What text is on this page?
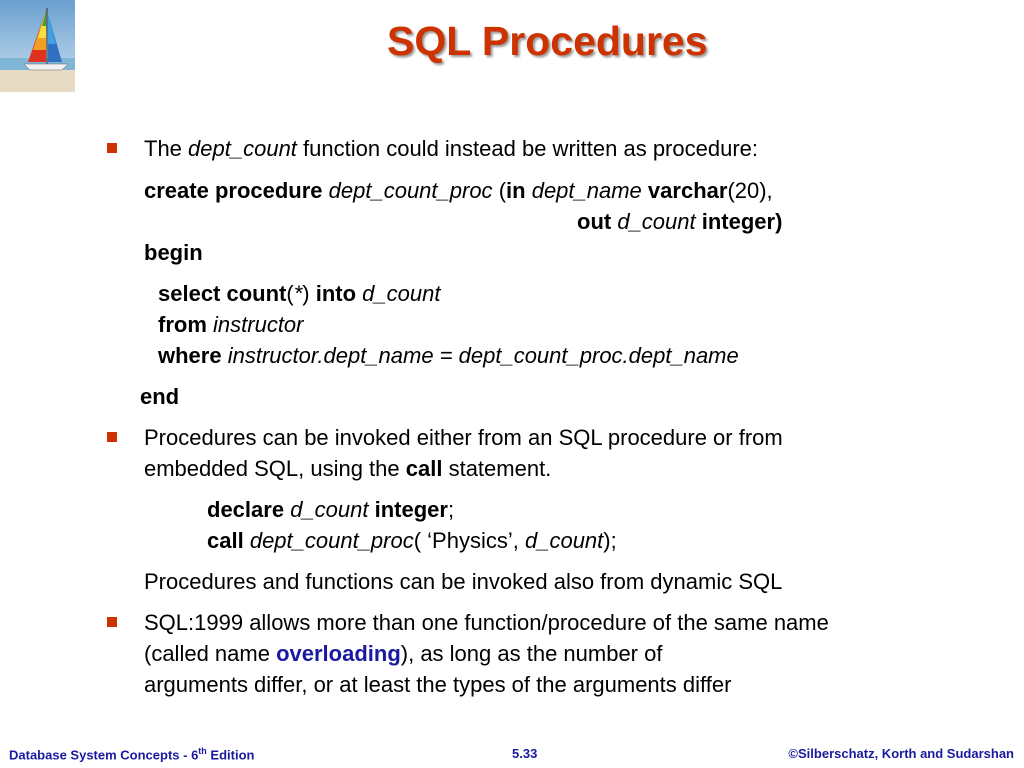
SQL Procedures
The dept_count function could instead be written as procedure:
create procedure dept_count_proc (in dept_name varchar(20),
out d_count integer)
begin
select count(*) into d_count
from instructor
where instructor.dept_name = dept_count_proc.dept_name
end
Procedures can be invoked either from an SQL procedure or from
embedded SQL, using the call statement.
declare d_count integer;
call dept_count_proc( ‘Physics’, d_count);
Procedures and functions can be invoked also from dynamic SQL
SQL:1999 allows more than one function/procedure of the same name
(called name overloading), as long as the number of
arguments differ, or at least the types of the arguments differ
Database System Concepts - 6th Edition	5.33	©Silberschatz, Korth and Sudarshan
